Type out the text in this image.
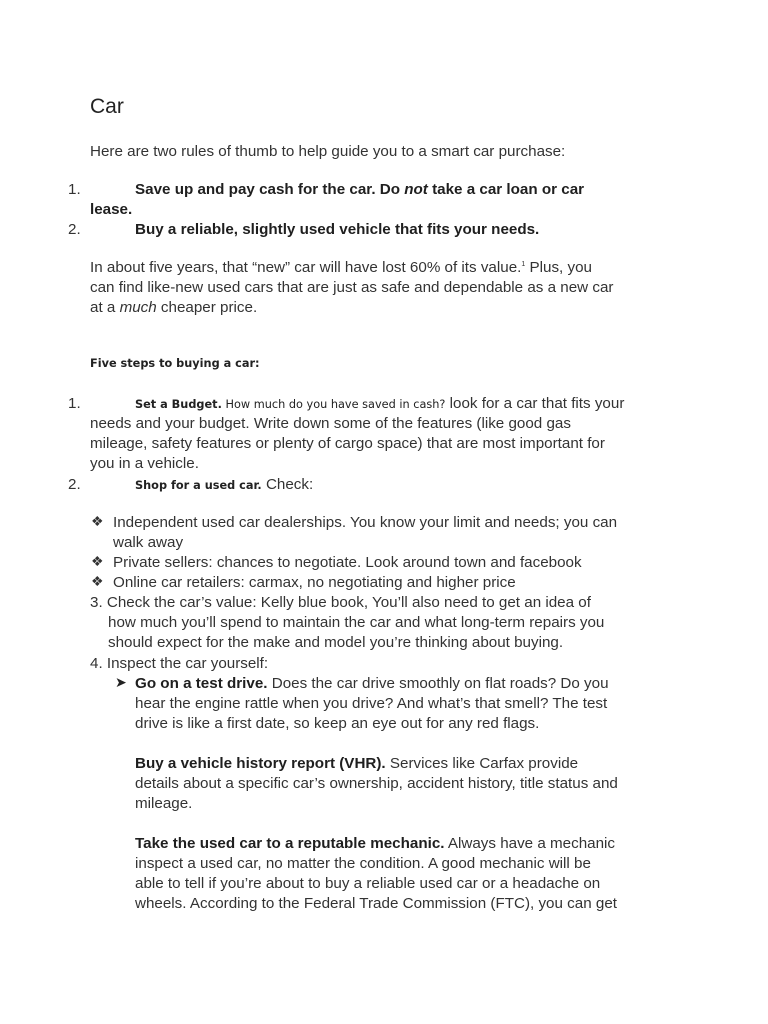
Car
Here are two rules of thumb to help guide you to a smart car purchase:
1.	Save up and pay cash for the car. Do not take a car loan or car
lease.
2.	Buy a reliable, slightly used vehicle that fits your needs.
In about five years, that “new” car will have lost 60% of its value.$^1$ Plus, you
can find like-new used cars that are just as safe and dependable as a new car
at a much cheaper price.
Five steps to buying a car:
1.	Set a Budget. How much do you have saved in cash? look for a car that fits your
needs and your budget. Write down some of the features (like good gas
mileage, safety features or plenty of cargo space) that are most important for
you in a vehicle.
2.	Shop for a used car. Check:
❖ Independent used car dealerships. You know your limit and needs; you can
walk away
❖ Private sellers: chances to negotiate. Look around town and facebook
❖ Online car retailers: carmax, no negotiating and higher price
3. Check the car’s value: Kelly blue book, You’ll also need to get an idea of
how much you’ll spend to maintain the car and what long-term repairs you
should expect for the make and model you’re thinking about buying.
4. Inspect the car yourself:
➤ Go on a test drive. Does the car drive smoothly on flat roads? Do you
hear the engine rattle when you drive? And what’s that smell? The test
drive is like a first date, so keep an eye out for any red flags.
Buy a vehicle history report (VHR). Services like Carfax provide
details about a specific car’s ownership, accident history, title status and
mileage.
Take the used car to a reputable mechanic. Always have a mechanic
inspect a used car, no matter the condition. A good mechanic will be
able to tell if you’re about to buy a reliable used car or a headache on
wheels. According to the Federal Trade Commission (FTC), you can get
